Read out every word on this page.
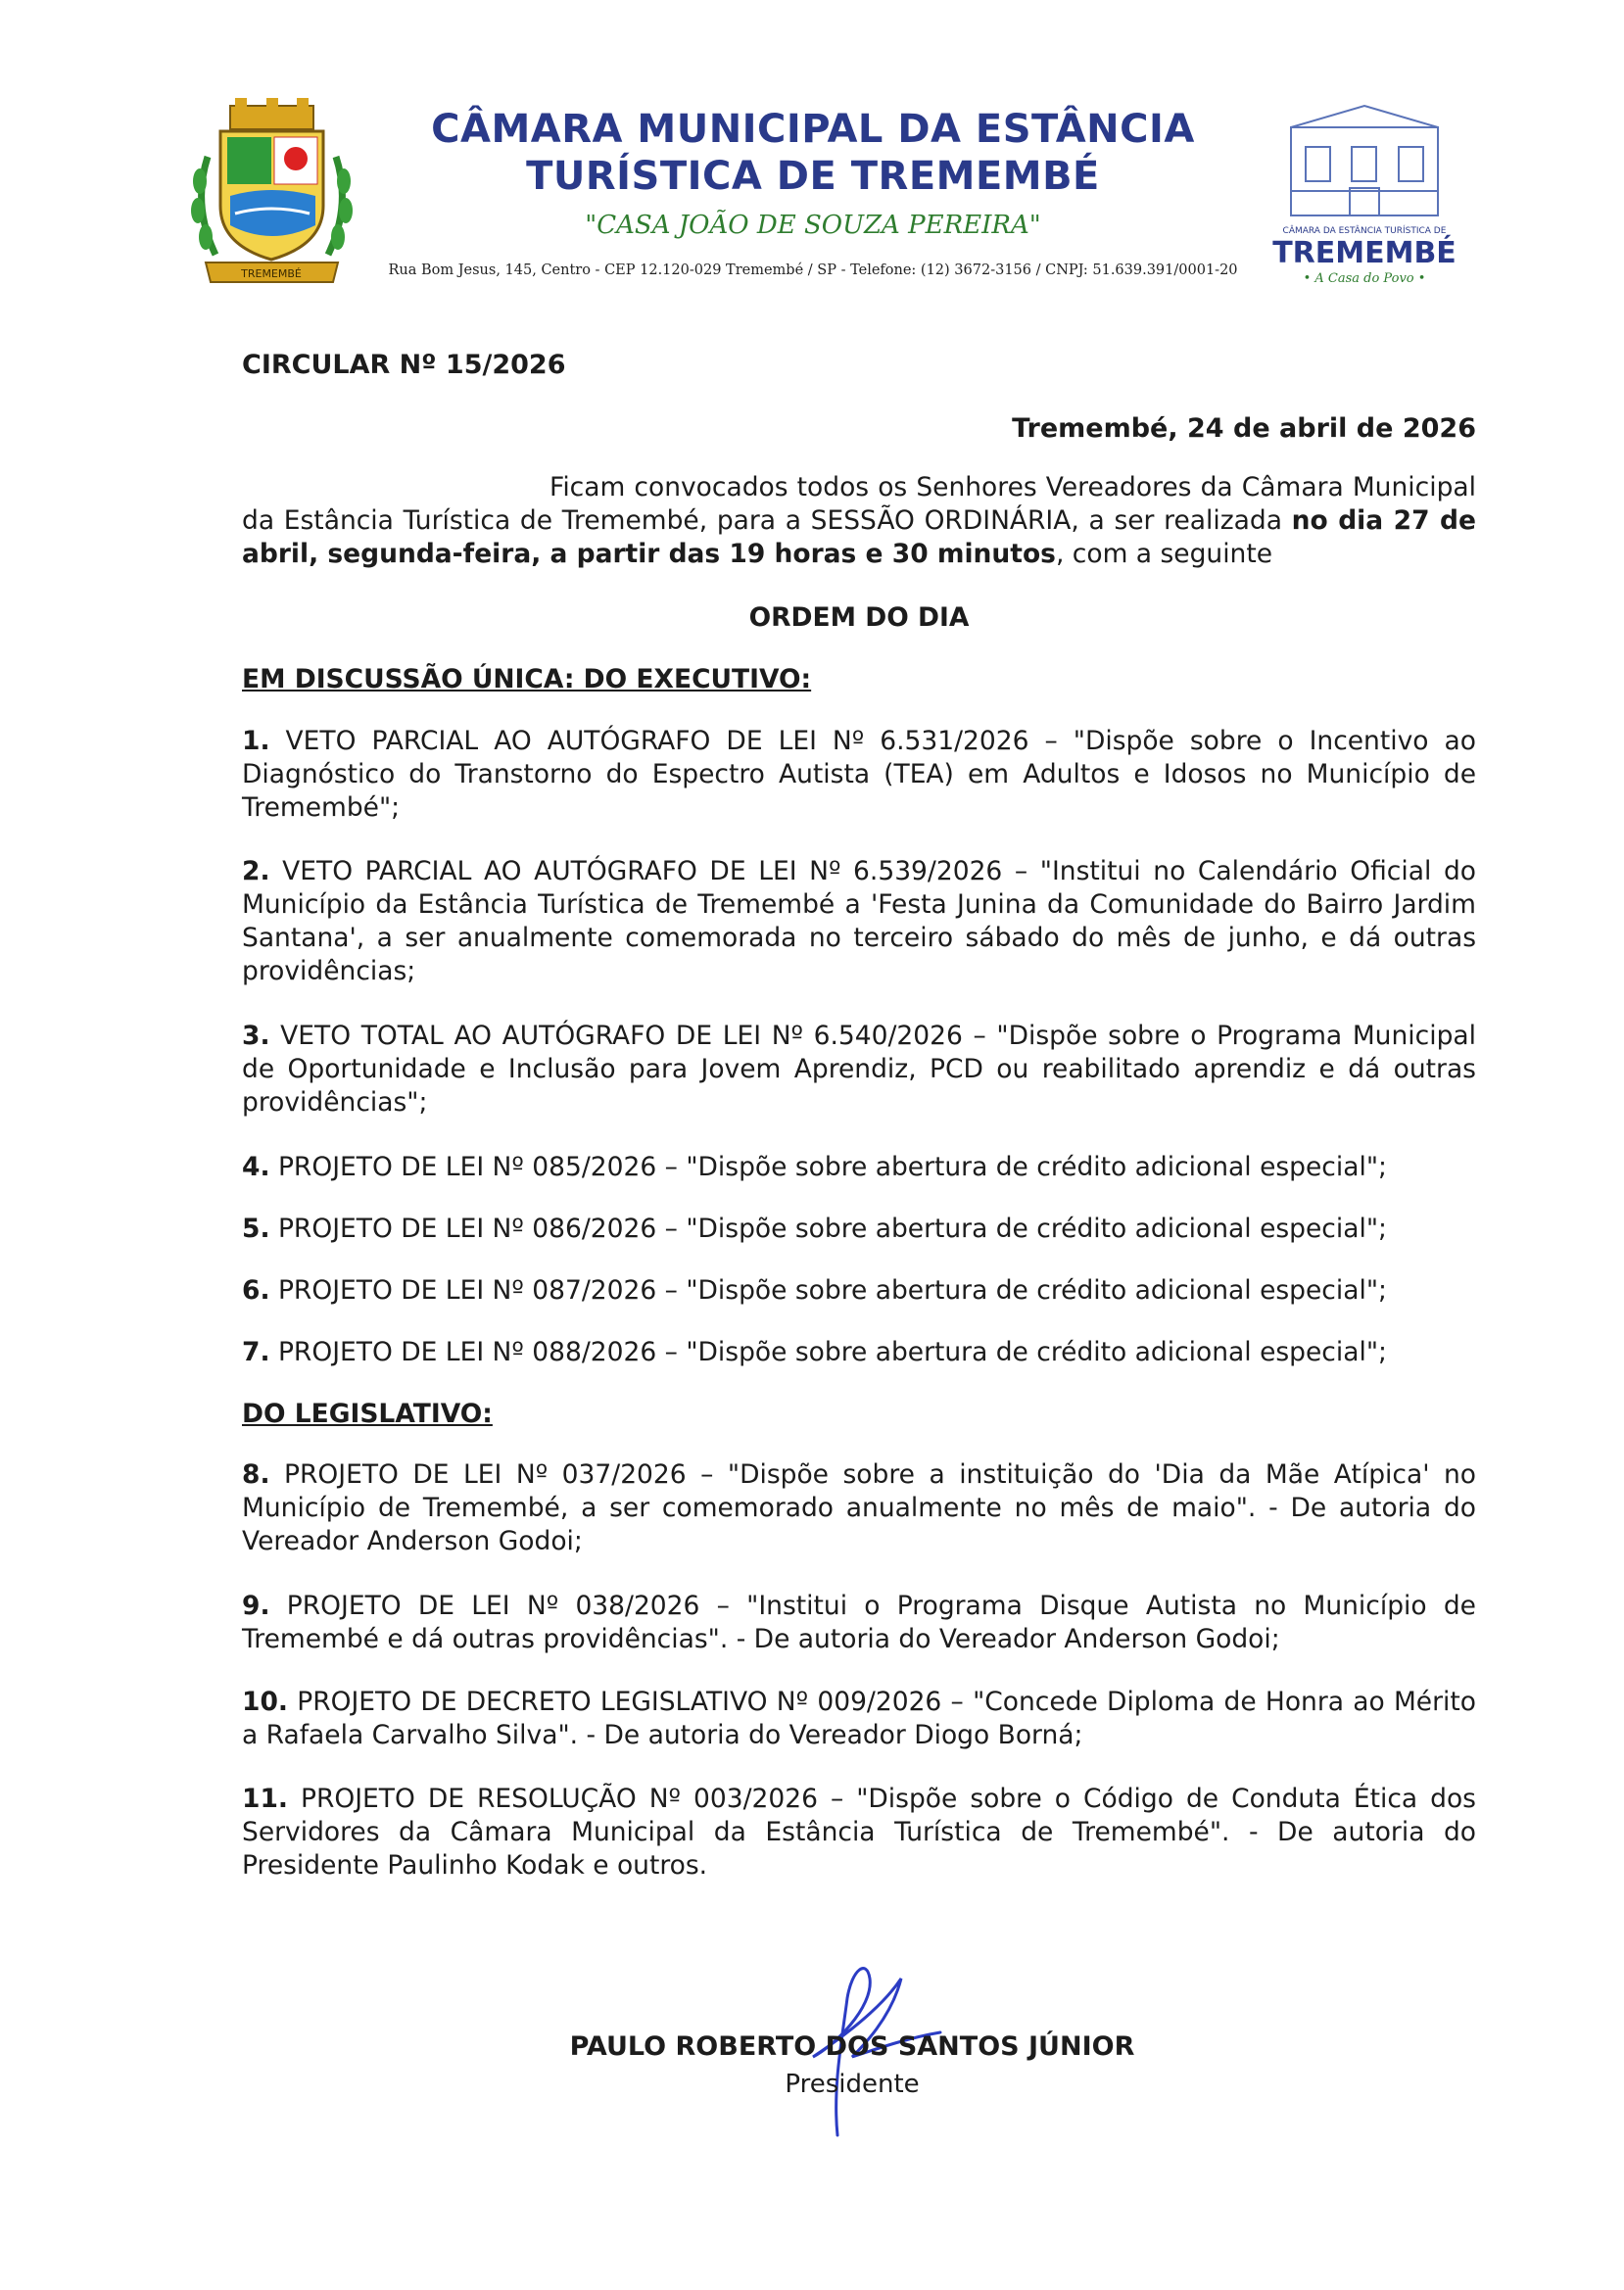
TREMEMBÉ
CÂMARA MUNICIPAL DA ESTÂNCIA
TURÍSTICA DE TREMEMBÉ
"CASA JOÃO DE SOUZA PEREIRA"
Rua Bom Jesus, 145, Centro - CEP 12.120-029 Tremembé / SP - Telefone: (12) 3672-3156 / CNPJ: 51.639.391/0001-20
CÂMARA DA ESTÂNCIA TURÍSTICA DE
TREMEMBÉ
• A Casa do Povo •
CIRCULAR Nº 15/2026
Tremembé, 24 de abril de 2026
Ficam convocados todos os Senhores Vereadores da Câmara Municipal da Estância Turística de Tremembé, para a SESSÃO ORDINÁRIA, a ser realizada no dia 27 de abril, segunda-feira, a partir das 19 horas e 30 minutos, com a seguinte
ORDEM DO DIA
EM DISCUSSÃO ÚNICA: DO EXECUTIVO:
1. VETO PARCIAL AO AUTÓGRAFO DE LEI Nº 6.531/2026 – "Dispõe sobre o Incentivo ao Diagnóstico do Transtorno do Espectro Autista (TEA) em Adultos e Idosos no Município de Tremembé";
2. VETO PARCIAL AO AUTÓGRAFO DE LEI Nº 6.539/2026 – "Institui no Calendário Oficial do Município da Estância Turística de Tremembé a 'Festa Junina da Comunidade do Bairro Jardim Santana', a ser anualmente comemorada no terceiro sábado do mês de junho, e dá outras providências;
3. VETO TOTAL AO AUTÓGRAFO DE LEI Nº 6.540/2026 – "Dispõe sobre o Programa Municipal de Oportunidade e Inclusão para Jovem Aprendiz, PCD ou reabilitado aprendiz e dá outras providências";
4. PROJETO DE LEI Nº 085/2026 – "Dispõe sobre abertura de crédito adicional especial";
5. PROJETO DE LEI Nº 086/2026 – "Dispõe sobre abertura de crédito adicional especial";
6. PROJETO DE LEI Nº 087/2026 – "Dispõe sobre abertura de crédito adicional especial";
7. PROJETO DE LEI Nº 088/2026 – "Dispõe sobre abertura de crédito adicional especial";
DO LEGISLATIVO:
8. PROJETO DE LEI Nº 037/2026 – "Dispõe sobre a instituição do 'Dia da Mãe Atípica' no Município de Tremembé, a ser comemorado anualmente no mês de maio". - De autoria do Vereador Anderson Godoi;
9. PROJETO DE LEI Nº 038/2026 – "Institui o Programa Disque Autista no Município de Tremembé e dá outras providências". - De autoria do Vereador Anderson Godoi;
10. PROJETO DE DECRETO LEGISLATIVO Nº 009/2026 – "Concede Diploma de Honra ao Mérito a Rafaela Carvalho Silva". - De autoria do Vereador Diogo Borná;
11. PROJETO DE RESOLUÇÃO Nº 003/2026 – "Dispõe sobre o Código de Conduta Ética dos Servidores da Câmara Municipal da Estância Turística de Tremembé". - De autoria do Presidente Paulinho Kodak e outros.
PAULO ROBERTO DOS SANTOS JÚNIOR
Presidente
